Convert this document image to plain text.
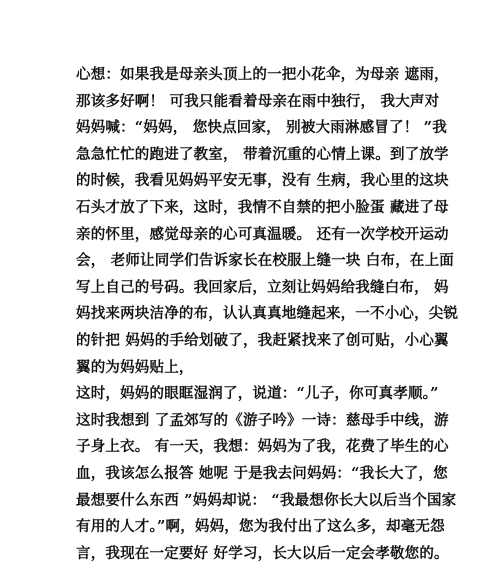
心想：如果我是母亲头顶上的一把小花伞，为母亲 遮雨，
那该多好啊！ 可我只能看着母亲在雨中独行， 我大声对
妈妈喊：“妈妈， 您快点回家， 别被大雨淋感冒了！ ”我
急急忙忙的跑进了教室， 带着沉重的心情上课。到了放学
的时候，我看见妈妈平安无事，没有 生病，我心里的这块
石头才放了下来，这时，我情不自禁的把小脸蛋 藏进了母
亲的怀里，感觉母亲的心可真温暖。 还有一次学校开运动
会， 老师让同学们告诉家长在校服上缝一块 白布，在上面
写上自己的号码。我回家后，立刻让妈妈给我缝白布， 妈
妈找来两块洁净的布，认认真真地缝起来，一不小心，尖锐
的针把 妈妈的手给划破了，我赶紧找来了创可贴，小心翼
翼的为妈妈贴上，
这时，妈妈的眼眶湿润了，说道：“儿子，你可真孝顺。”
这时我想到 了孟郊写的《游子吟》一诗：慈母手中线，游
子身上衣。 有一天，我想：妈妈为了我，花费了毕生的心
血，我该怎么报答 她呢 于是我去问妈妈：“我长大了，您
最想要什么东西 ”妈妈却说： “我最想你长大以后当个国家
有用的人才。”啊，妈妈，您为我付出了这么多，却毫无怨
言，我现在一定要好 好学习，长大以后一定会孝敬您的。
